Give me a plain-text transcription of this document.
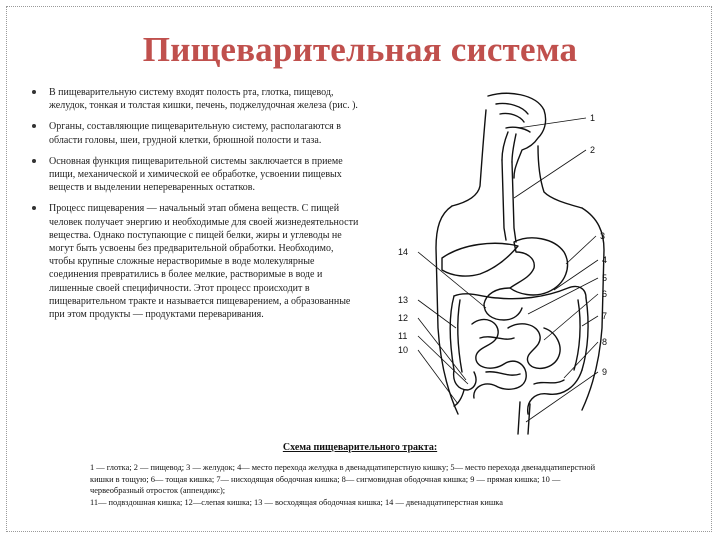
Пищеварительная система
В пищеварительную систему входят полость рта, глотка, пищевод, желудок, тонкая и толстая кишки, печень, поджелудочная железа (рис. ).
Органы, составляющие пищеварительную систему, располагаются в области головы, шеи, грудной клетки, брюшной полости и таза.
Основная функция пищеварительной системы заключается в приеме пищи, механической и химической ее обработке, усвоении пищевых веществ и выделении непереваренных остатков.
Процесс пищеварения — начальный этап обмена веществ. С пищей человек получает энергию и необходимые для своей жизнедеятельности вещества. Однако поступающие с пищей белки, жиры и углеводы не могут быть усвоены без предварительной обработки. Необходимо, чтобы крупные сложные нерастворимые в воде молекулярные соединения превратились в более мелкие, растворимые в воде и лишенные своей специфичности. Этот процесс происходит в пищеварительном тракте и называется пищеварением, а образованные при этом продукты — продуктами переваривания.
1
2
3
4
5
6
7
8
9
10
11
12
13
14
Схема пищеварительного тракта:

1 — глотка; 2 — пищевод; 3 — желудок; 4— место перехода желудка в двенадцатиперстную кишку; 5— место перехода двенадцатиперстной

кишки в тощую; 6— тощая кишка; 7— нисходящая ободочная кишка; 8— сигмовидная ободочная кишка; 9 — прямая кишка; 10 —

червеобразный отросток (аппендикс);

11— подвздошная кишка; 12—слепая кишка; 13 — восходящая ободочная кишка; 14 — двенадцатиперстная кишка
